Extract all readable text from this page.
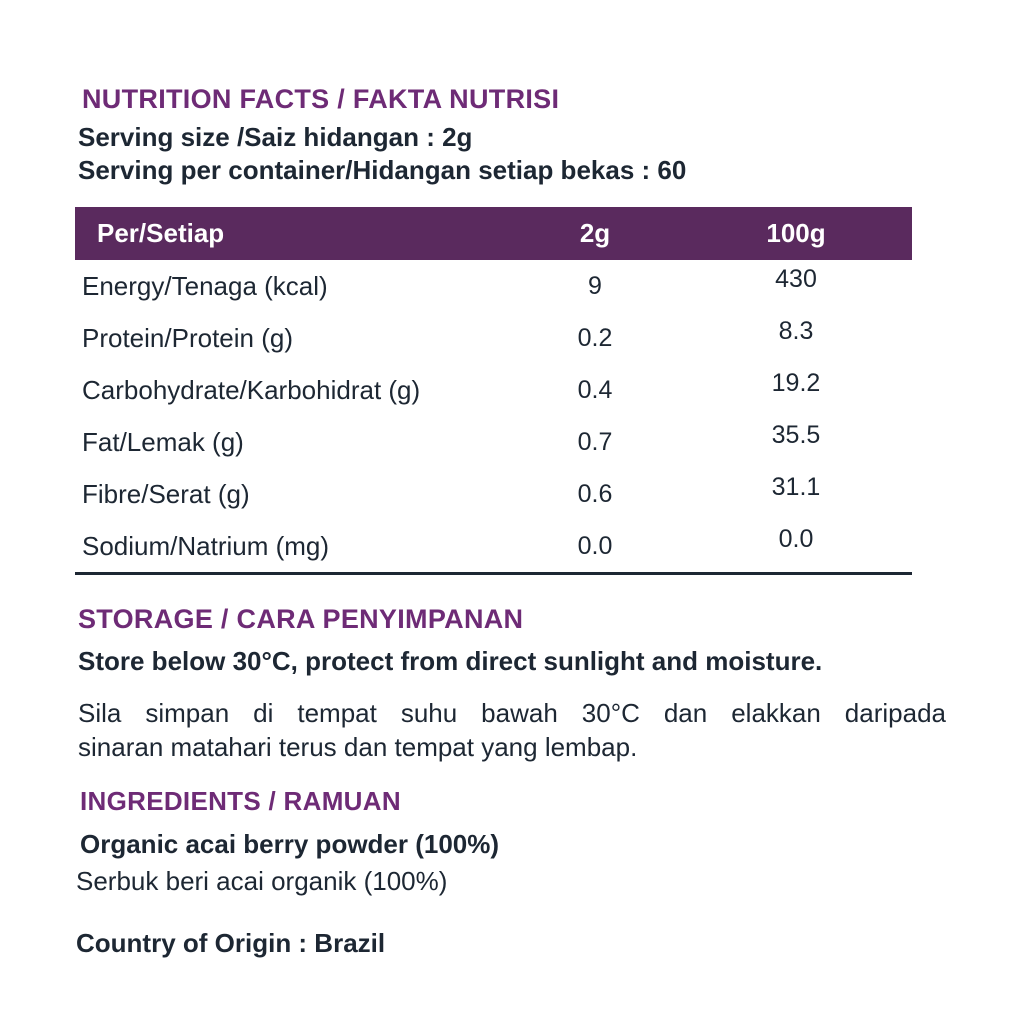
NUTRITION FACTS / FAKTA NUTRISI
Serving size /Saiz hidangan : 2g
Serving per container/Hidangan setiap bekas : 60
Per/Setiap	2g	100g
Energy/Tenaga (kcal)	9	430
Protein/Protein (g)	0.2	8.3
Carbohydrate/Karbohidrat (g)	0.4	19.2
Fat/Lemak (g)	0.7	35.5
Fibre/Serat (g)	0.6	31.1
Sodium/Natrium (mg)	0.0	0.0
STORAGE / CARA PENYIMPANAN
Store below 30°C, protect from direct sunlight and moisture.
Sila simpan di tempat suhu bawah 30°C dan elakkan daripada
sinaran matahari terus dan tempat yang lembap.
INGREDIENTS / RAMUAN
Organic acai berry powder (100%)
Serbuk beri acai organik (100%)
Country of Origin : Brazil
